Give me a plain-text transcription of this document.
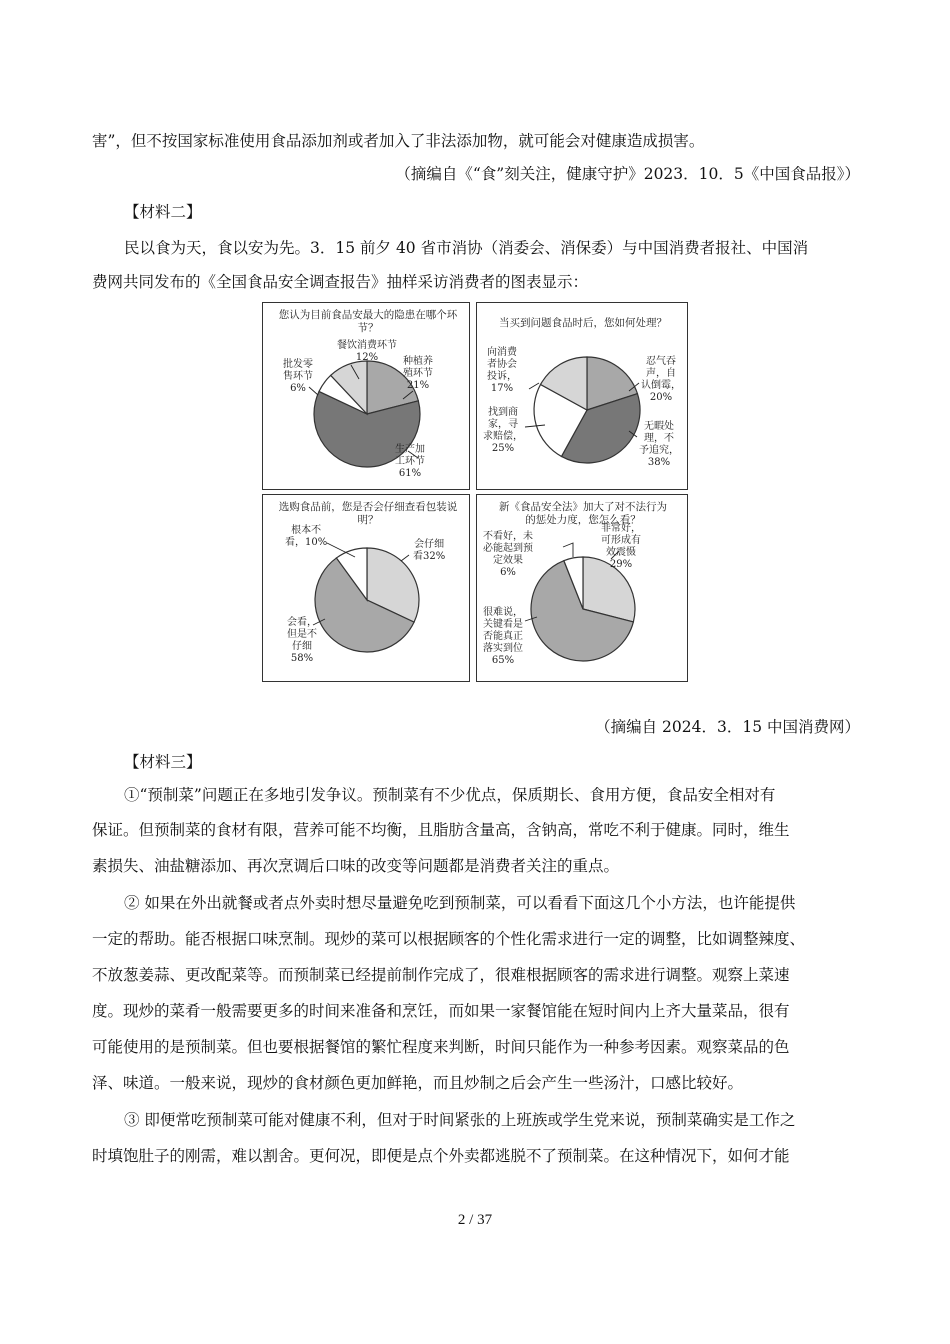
害”，但不按国家标准使用食品添加剂或者加入了非法添加物，就可能会对健康造成损害。
（摘编自《“食”刻关注，健康守护》2023．10．5《中国食品报》）
【材料二】
民以食为天，食以安为先。3．15 前夕 40 省市消协（消委会、消保委）与中国消费者报社、中国消
费网共同发布的《全国食品安全调查报告》抽样采访消费者的图表显示：
您认为目前食品安最大的隐患在哪个环节？
种植养
殖环节
21%
生产加
工环节
61%
批发零
售环节
6%
餐饮消费环节
12%
当买到问题食品时后，您如何处理？
忍气吞
声，自
认倒霉，
20%
无暇处
理，不
予追究，
38%
找到商
家，寻
求赔偿，
25%
向消费
者协会
投诉，
17%
选购食品前，您是否会仔细查看包装说明？
会仔细
看32%
会看，
但是不
仔细
58%
根本不
看，10%
新《食品安全法》加大了对不法行为的惩处力度，您怎么看？
非常好，
可形成有
效震慑
29%
很难说，
关键看是
否能真正
落实到位
65%
不看好，未
必能起到预
定效果
6%
（摘编自 2024．3．15 中国消费网）
【材料三】
①“预制菜”问题正在多地引发争议。预制菜有不少优点，保质期长、食用方便，食品安全相对有
保证。但预制菜的食材有限，营养可能不均衡，且脂肪含量高，含钠高，常吃不利于健康。同时，维生
素损失、油盐糖添加、再次烹调后口味的改变等问题都是消费者关注的重点。
② 如果在外出就餐或者点外卖时想尽量避免吃到预制菜，可以看看下面这几个小方法，也许能提供
一定的帮助。能否根据口味烹制。现炒的菜可以根据顾客的个性化需求进行一定的调整，比如调整辣度、
不放葱姜蒜、更改配菜等。而预制菜已经提前制作完成了，很难根据顾客的需求进行调整。观察上菜速
度。现炒的菜肴一般需要更多的时间来准备和烹饪，而如果一家餐馆能在短时间内上齐大量菜品，很有
可能使用的是预制菜。但也要根据餐馆的繁忙程度来判断，时间只能作为一种参考因素。观察菜品的色
泽、味道。一般来说，现炒的食材颜色更加鲜艳，而且炒制之后会产生一些汤汁，口感比较好。
③ 即便常吃预制菜可能对健康不利，但对于时间紧张的上班族或学生党来说，预制菜确实是工作之
时填饱肚子的刚需，难以割舍。更何况，即便是点个外卖都逃脱不了预制菜。在这种情况下，如何才能
2 / 37
